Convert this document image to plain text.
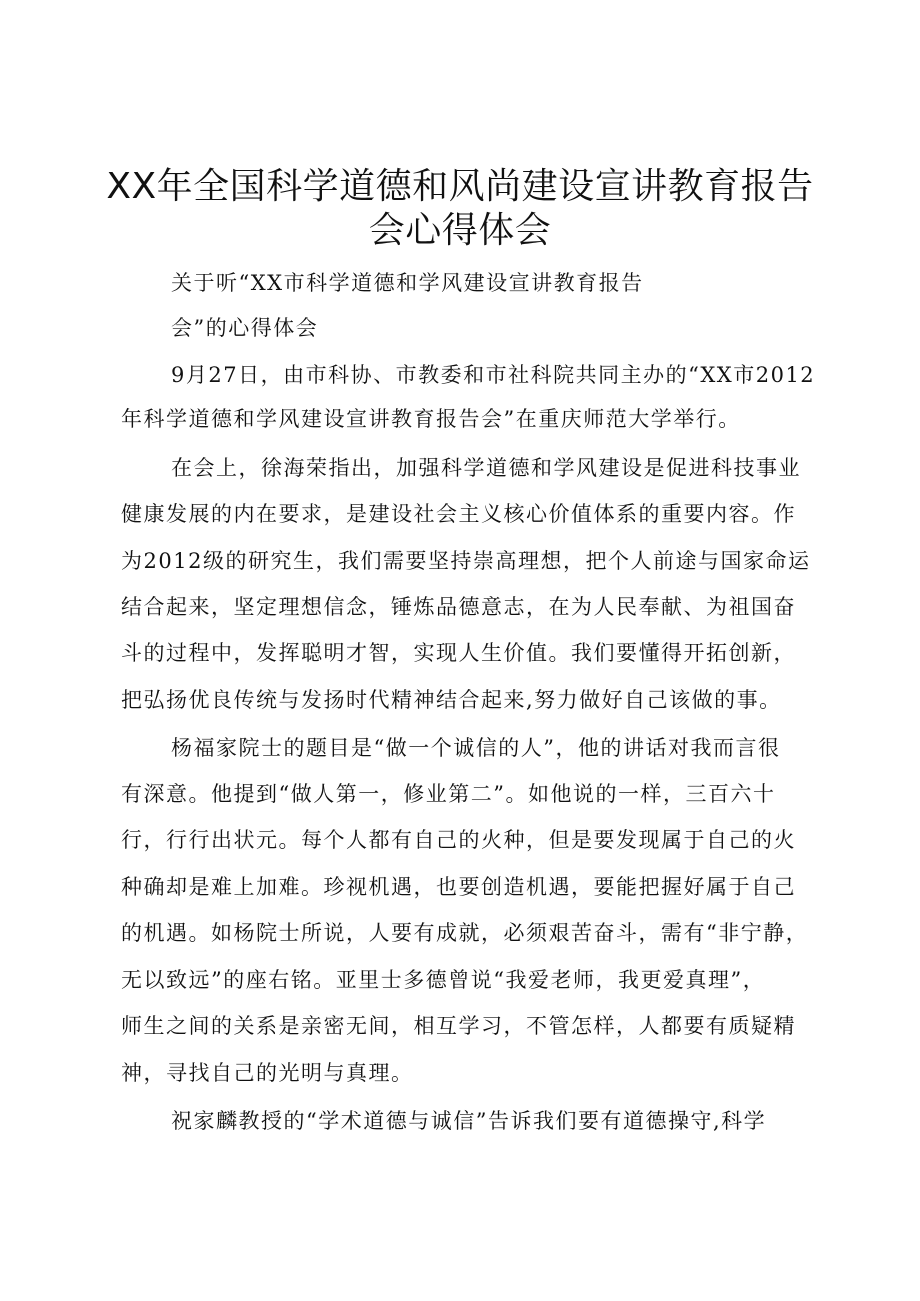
XX年全国科学道德和风尚建设宣讲教育报告
会心得体会

关于听“XX市科学道德和学风建设宣讲教育报告

会”的心得体会

9月27日，由市科协、市教委和市社科院共同主办的“XX市2012

年科学道德和学风建设宣讲教育报告会”在重庆师范大学举行。

在会上，徐海荣指出，加强科学道德和学风建设是促进科技事业

健康发展的内在要求，是建设社会主义核心价值体系的重要内容。作

为2012级的研究生，我们需要坚持崇高理想，把个人前途与国家命运

结合起来，坚定理想信念，锤炼品德意志，在为人民奉献、为祖国奋

斗的过程中，发挥聪明才智，实现人生价值。我们要懂得开拓创新，

把弘扬优良传统与发扬时代精神结合起来,努力做好自己该做的事。

杨福家院士的题目是“做一个诚信的人”，他的讲话对我而言很

有深意。他提到“做人第一，修业第二”。如他说的一样，三百六十

行，行行出状元。每个人都有自己的火种，但是要发现属于自己的火

种确却是难上加难。珍视机遇，也要创造机遇，要能把握好属于自己

的机遇。如杨院士所说，人要有成就，必须艰苦奋斗，需有“非宁静，

无以致远”的座右铭。亚里士多德曾说“我爱老师，我更爱真理”，

师生之间的关系是亲密无间，相互学习，不管怎样，人都要有质疑精

神，寻找自己的光明与真理。

祝家麟教授的“学术道德与诚信”告诉我们要有道德操守,科学
